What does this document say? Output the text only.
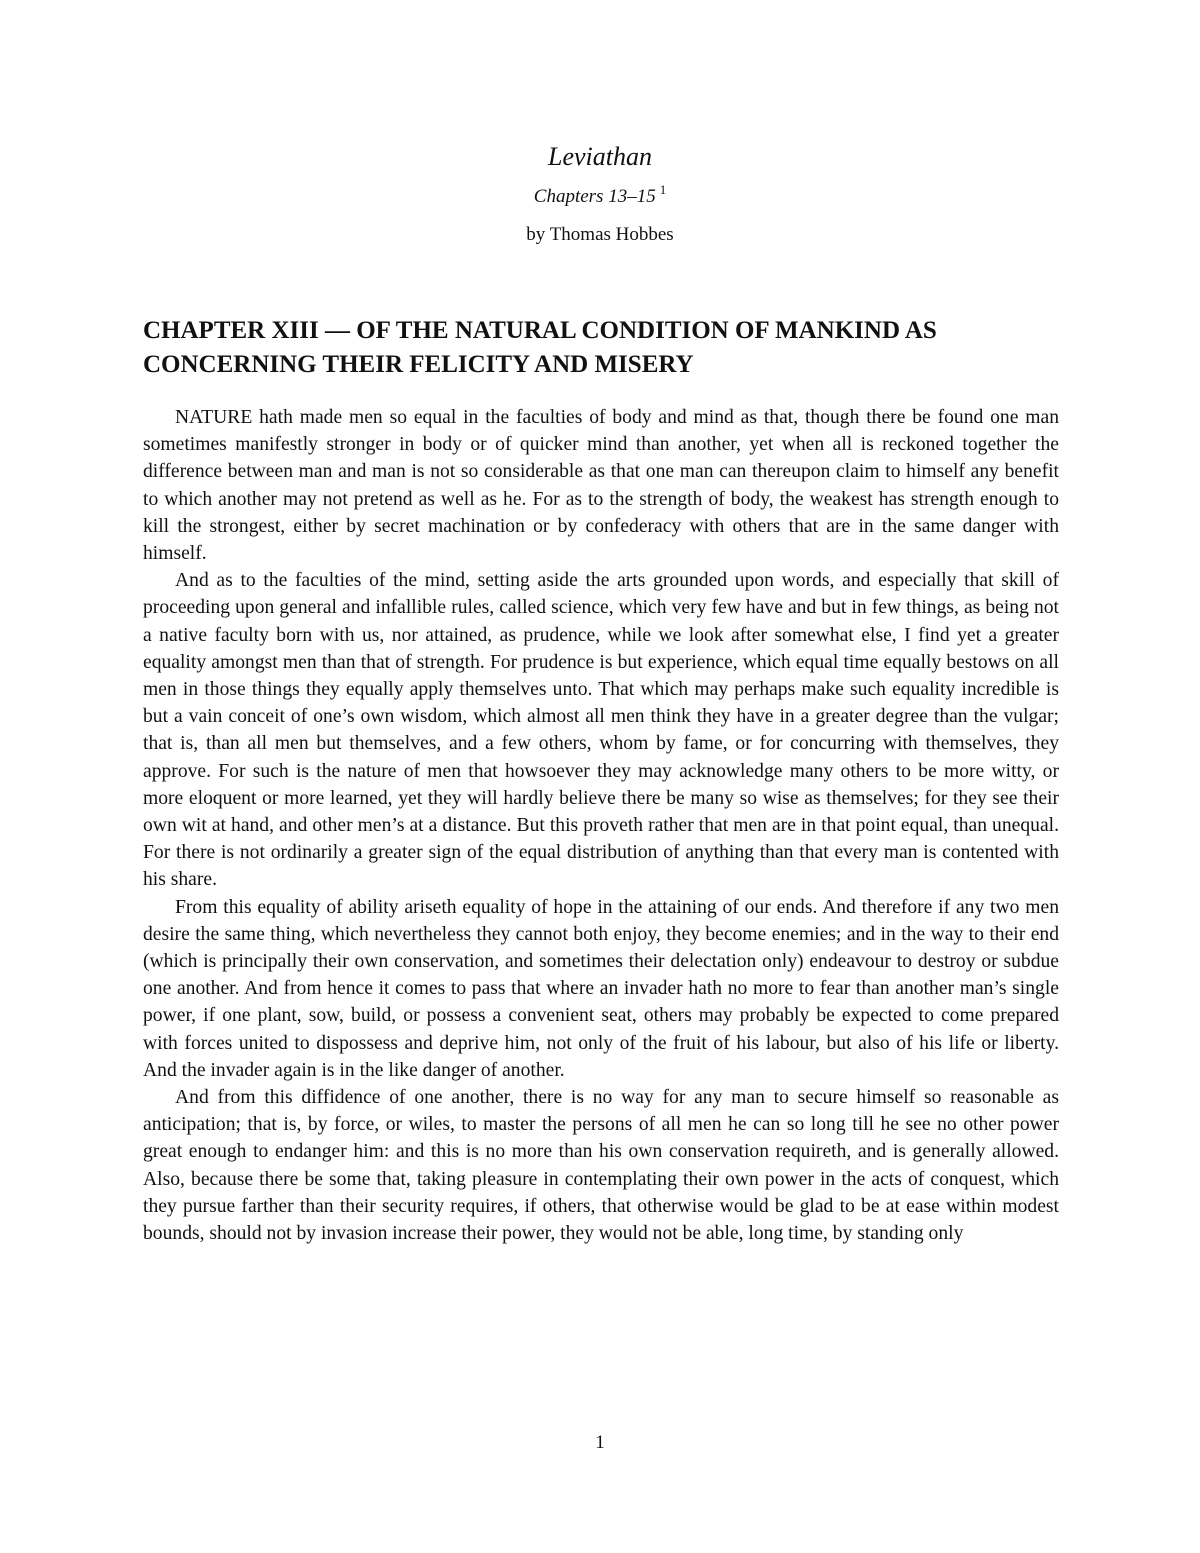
Leviathan

Chapters 13–15 $^1$

by Thomas Hobbes

CHAPTER XIII — OF THE NATURAL CONDITION OF MANKIND AS CONCERNING THEIR FELICITY AND MISERY

NATURE hath made men so equal in the faculties of body and mind as that, though there be found one man sometimes manifestly stronger in body or of quicker mind than another, yet when all is reckoned together the difference between man and man is not so considerable as that one man can thereupon claim to himself any benefit to which another may not pretend as well as he. For as to the strength of body, the weakest has strength enough to kill the strongest, either by secret machination or by confederacy with others that are in the same danger with himself.

And as to the faculties of the mind, setting aside the arts grounded upon words, and especially that skill of proceeding upon general and infallible rules, called science, which very few have and but in few things, as being not a native faculty born with us, nor attained, as prudence, while we look after somewhat else, I find yet a greater equality amongst men than that of strength. For prudence is but experience, which equal time equally bestows on all men in those things they equally apply themselves unto. That which may perhaps make such equality incredible is but a vain conceit of one’s own wisdom, which almost all men think they have in a greater degree than the vulgar; that is, than all men but themselves, and a few others, whom by fame, or for concurring with themselves, they approve. For such is the nature of men that howsoever they may acknowledge many others to be more witty, or more eloquent or more learned, yet they will hardly believe there be many so wise as themselves; for they see their own wit at hand, and other men’s at a distance. But this proveth rather that men are in that point equal, than unequal. For there is not ordinarily a greater sign of the equal distribution of anything than that every man is contented with his share.

From this equality of ability ariseth equality of hope in the attaining of our ends. And therefore if any two men desire the same thing, which nevertheless they cannot both enjoy, they become enemies; and in the way to their end (which is principally their own conservation, and sometimes their delectation only) endeavour to destroy or subdue one another. And from hence it comes to pass that where an invader hath no more to fear than another man’s single power, if one plant, sow, build, or possess a convenient seat, others may probably be expected to come prepared with forces united to dispossess and deprive him, not only of the fruit of his labour, but also of his life or liberty. And the invader again is in the like danger of another.

And from this diffidence of one another, there is no way for any man to secure himself so reasonable as anticipation; that is, by force, or wiles, to master the persons of all men he can so long till he see no other power great enough to endanger him: and this is no more than his own conservation requireth, and is generally allowed. Also, because there be some that, taking pleasure in contemplating their own power in the acts of conquest, which they pursue farther than their security requires, if others, that otherwise would be glad to be at ease within modest bounds, should not by invasion increase their power, they would not be able, long time, by standing only

1
